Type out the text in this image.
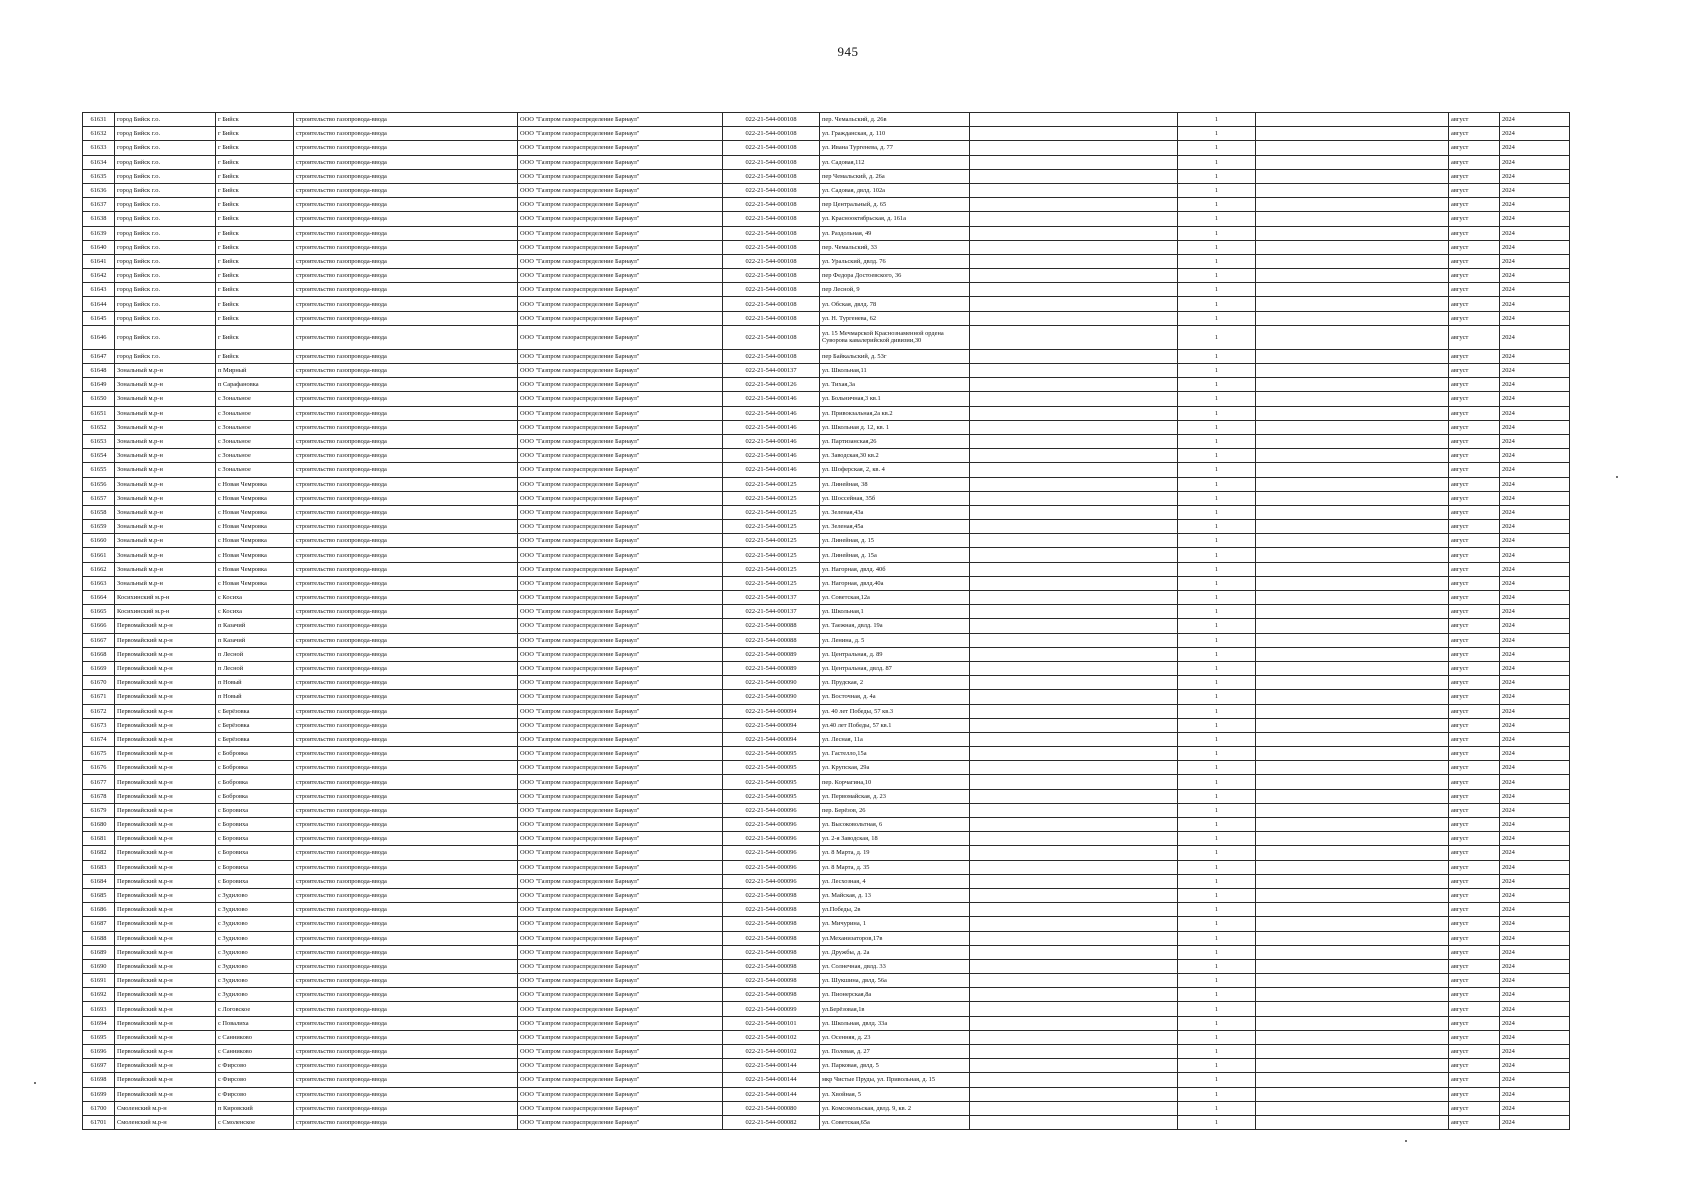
945
61631	город Бийск г.о.	г Бийск	строительство газопровода-ввода	ООО "Газпром газораспределение Барнаул"	022-21-544-000108	пер. Чемальский, д. 26в		1		август	2024
61632	город Бийск г.о.	г Бийск	строительство газопровода-ввода	ООО "Газпром газораспределение Барнаул"	022-21-544-000108	ул. Гражданская, д. 110		1		август	2024
61633	город Бийск г.о.	г Бийск	строительство газопровода-ввода	ООО "Газпром газораспределение Барнаул"	022-21-544-000108	ул. Ивана Тургенева, д. 77		1		август	2024
61634	город Бийск г.о.	г Бийск	строительство газопровода-ввода	ООО "Газпром газораспределение Барнаул"	022-21-544-000108	ул. Садовая,112		1		август	2024
61635	город Бийск г.о.	г Бийск	строительство газопровода-ввода	ООО "Газпром газораспределение Барнаул"	022-21-544-000108	пер Чемальский, д. 26а		1		август	2024
61636	город Бийск г.о.	г Бийск	строительство газопровода-ввода	ООО "Газпром газораспределение Барнаул"	022-21-544-000108	ул. Садовая, двлд. 102а		1		август	2024
61637	город Бийск г.о.	г Бийск	строительство газопровода-ввода	ООО "Газпром газораспределение Барнаул"	022-21-544-000108	пер Центральный, д. 65		1		август	2024
61638	город Бийск г.о.	г Бийск	строительство газопровода-ввода	ООО "Газпром газораспределение Барнаул"	022-21-544-000108	ул. Краснооктябрьская, д. 161а		1		август	2024
61639	город Бийск г.о.	г Бийск	строительство газопровода-ввода	ООО "Газпром газораспределение Барнаул"	022-21-544-000108	ул. Раздольная, 49		1		август	2024
61640	город Бийск г.о.	г Бийск	строительство газопровода-ввода	ООО "Газпром газораспределение Барнаул"	022-21-544-000108	пер. Чемальский, 33		1		август	2024
61641	город Бийск г.о.	г Бийск	строительство газопровода-ввода	ООО "Газпром газораспределение Барнаул"	022-21-544-000108	ул. Уральский, двлд. 76		1		август	2024
61642	город Бийск г.о.	г Бийск	строительство газопровода-ввода	ООО "Газпром газораспределение Барнаул"	022-21-544-000108	пер Федора Достоевского, 36		1		август	2024
61643	город Бийск г.о.	г Бийск	строительство газопровода-ввода	ООО "Газпром газораспределение Барнаул"	022-21-544-000108	пер Лесной, 9		1		август	2024
61644	город Бийск г.о.	г Бийск	строительство газопровода-ввода	ООО "Газпром газораспределение Барнаул"	022-21-544-000108	ул. Обская, двлд. 78		1		август	2024
61645	город Бийск г.о.	г Бийск	строительство газопровода-ввода	ООО "Газпром газораспределение Барнаул"	022-21-544-000108	ул. Н. Тургенева, 62		1		август	2024
61646	город Бийск г.о.	г Бийск	строительство газопровода-ввода	ООО "Газпром газораспределение Барнаул"	022-21-544-000108	ул. 15 Мечмарской Краснознаменной ордена Суворова кавалерийской дивизии,30		1		август	2024
61647	город Бийск г.о.	г Бийск	строительство газопровода-ввода	ООО "Газпром газораспределение Барнаул"	022-21-544-000108	пер Байкальский, д. 53г		1		август	2024
61648	Зональный м.р-н	п Мирный	строительство газопровода-ввода	ООО "Газпром газораспределение Барнаул"	022-21-544-000137	ул. Школьная,11		1		август	2024
61649	Зональный м.р-н	п Сарафановка	строительство газопровода-ввода	ООО "Газпром газораспределение Барнаул"	022-21-544-000126	ул. Тихая,3а		1		август	2024
61650	Зональный м.р-н	с Зональное	строительство газопровода-ввода	ООО "Газпром газораспределение Барнаул"	022-21-544-000146	ул. Больничная,3 кв.1		1		август	2024
61651	Зональный м.р-н	с Зональное	строительство газопровода-ввода	ООО "Газпром газораспределение Барнаул"	022-21-544-000146	ул. Привокзальная,2а кв.2		1		август	2024
61652	Зональный м.р-н	с Зональное	строительство газопровода-ввода	ООО "Газпром газораспределение Барнаул"	022-21-544-000146	ул. Школьная д. 12, кв. 1		1		август	2024
61653	Зональный м.р-н	с Зональное	строительство газопровода-ввода	ООО "Газпром газораспределение Барнаул"	022-21-544-000146	ул. Партизанская,26		1		август	2024
61654	Зональный м.р-н	с Зональное	строительство газопровода-ввода	ООО "Газпром газораспределение Барнаул"	022-21-544-000146	ул. Заводская,30 кв.2		1		август	2024
61655	Зональный м.р-н	с Зональное	строительство газопровода-ввода	ООО "Газпром газораспределение Барнаул"	022-21-544-000146	ул. Шоферская, 2, кв. 4		1		август	2024
61656	Зональный м.р-н	с Новая Чемровка	строительство газопровода-ввода	ООО "Газпром газораспределение Барнаул"	022-21-544-000125	ул. Линейная, 38		1		август	2024
61657	Зональный м.р-н	с Новая Чемровка	строительство газопровода-ввода	ООО "Газпром газораспределение Барнаул"	022-21-544-000125	ул. Шоссейная, 35б		1		август	2024
61658	Зональный м.р-н	с Новая Чемровка	строительство газопровода-ввода	ООО "Газпром газораспределение Барнаул"	022-21-544-000125	ул. Зеленая,43а		1		август	2024
61659	Зональный м.р-н	с Новая Чемровка	строительство газопровода-ввода	ООО "Газпром газораспределение Барнаул"	022-21-544-000125	ул. Зеленая,45а		1		август	2024
61660	Зональный м.р-н	с Новая Чемровка	строительство газопровода-ввода	ООО "Газпром газораспределение Барнаул"	022-21-544-000125	ул. Линейная, д. 15		1		август	2024
61661	Зональный м.р-н	с Новая Чемровка	строительство газопровода-ввода	ООО "Газпром газораспределение Барнаул"	022-21-544-000125	ул. Линейная, д. 15а		1		август	2024
61662	Зональный м.р-н	с Новая Чемровка	строительство газопровода-ввода	ООО "Газпром газораспределение Барнаул"	022-21-544-000125	ул. Нагорная, двлд. 40б		1		август	2024
61663	Зональный м.р-н	с Новая Чемровка	строительство газопровода-ввода	ООО "Газпром газораспределение Барнаул"	022-21-544-000125	ул. Нагорная, двлд.40а		1		август	2024
61664	Косихинский м.р-н	с Косиха	строительство газопровода-ввода	ООО "Газпром газораспределение Барнаул"	022-21-544-000137	ул. Советская,12а		1		август	2024
61665	Косихинский м.р-н	с Косиха	строительство газопровода-ввода	ООО "Газпром газораспределение Барнаул"	022-21-544-000137	ул. Школьная,1		1		август	2024
61666	Первомайский м.р-н	п Казачий	строительство газопровода-ввода	ООО "Газпром газораспределение Барнаул"	022-21-544-000088	ул. Таежная, двлд. 19а		1		август	2024
61667	Первомайский м.р-н	п Казачий	строительство газопровода-ввода	ООО "Газпром газораспределение Барнаул"	022-21-544-000088	ул. Ленина, д. 5		1		август	2024
61668	Первомайский м.р-н	п Лесной	строительство газопровода-ввода	ООО "Газпром газораспределение Барнаул"	022-21-544-000089	ул. Центральная, д. 89		1		август	2024
61669	Первомайский м.р-н	п Лесной	строительство газопровода-ввода	ООО "Газпром газораспределение Барнаул"	022-21-544-000089	ул. Центральная, двлд. 87		1		август	2024
61670	Первомайский м.р-н	п Новый	строительство газопровода-ввода	ООО "Газпром газораспределение Барнаул"	022-21-544-000090	ул. Прудская, 2		1		август	2024
61671	Первомайский м.р-н	п Новый	строительство газопровода-ввода	ООО "Газпром газораспределение Барнаул"	022-21-544-000090	ул. Восточная, д. 4а		1		август	2024
61672	Первомайский м.р-н	с Берёзовка	строительство газопровода-ввода	ООО "Газпром газораспределение Барнаул"	022-21-544-000094	ул. 40 лет Победы, 57 кв.3		1		август	2024
61673	Первомайский м.р-н	с Берёзовка	строительство газопровода-ввода	ООО "Газпром газораспределение Барнаул"	022-21-544-000094	ул.40 лет Победы, 57 кв.1		1		август	2024
61674	Первомайский м.р-н	с Берёзовка	строительство газопровода-ввода	ООО "Газпром газораспределение Барнаул"	022-21-544-000094	ул. Лесная, 11а		1		август	2024
61675	Первомайский м.р-н	с Бобровка	строительство газопровода-ввода	ООО "Газпром газораспределение Барнаул"	022-21-544-000095	ул. Гастелло,15а		1		август	2024
61676	Первомайский м.р-н	с Бобровка	строительство газопровода-ввода	ООО "Газпром газораспределение Барнаул"	022-21-544-000095	ул. Крупская, 29а		1		август	2024
61677	Первомайский м.р-н	с Бобровка	строительство газопровода-ввода	ООО "Газпром газораспределение Барнаул"	022-21-544-000095	пер. Корчагина,10		1		август	2024
61678	Первомайский м.р-н	с Бобровка	строительство газопровода-ввода	ООО "Газпром газораспределение Барнаул"	022-21-544-000095	ул. Первомайская, д. 23		1		август	2024
61679	Первомайский м.р-н	с Боровиха	строительство газопровода-ввода	ООО "Газпром газораспределение Барнаул"	022-21-544-000096	пер. Берёзов, 26		1		август	2024
61680	Первомайский м.р-н	с Боровиха	строительство газопровода-ввода	ООО "Газпром газораспределение Барнаул"	022-21-544-000096	ул. Высоковольтная, 6		1		август	2024
61681	Первомайский м.р-н	с Боровиха	строительство газопровода-ввода	ООО "Газпром газораспределение Барнаул"	022-21-544-000096	ул. 2-я Заводская, 18		1		август	2024
61682	Первомайский м.р-н	с Боровиха	строительство газопровода-ввода	ООО "Газпром газораспределение Барнаул"	022-21-544-000096	ул. 8 Марта, д. 19		1		август	2024
61683	Первомайский м.р-н	с Боровиха	строительство газопровода-ввода	ООО "Газпром газораспределение Барнаул"	022-21-544-000096	ул. 8 Марта, д. 35		1		август	2024
61684	Первомайский м.р-н	с Боровиха	строительство газопровода-ввода	ООО "Газпром газораспределение Барнаул"	022-21-544-000096	ул. Лесхозная, 4		1		август	2024
61685	Первомайский м.р-н	с Зудилово	строительство газопровода-ввода	ООО "Газпром газораспределение Барнаул"	022-21-544-000098	ул. Майская, д. 13		1		август	2024
61686	Первомайский м.р-н	с Зудилово	строительство газопровода-ввода	ООО "Газпром газораспределение Барнаул"	022-21-544-000098	ул.Победы, 2в		1		август	2024
61687	Первомайский м.р-н	с Зудилово	строительство газопровода-ввода	ООО "Газпром газораспределение Барнаул"	022-21-544-000098	ул. Мичурина, 1		1		август	2024
61688	Первомайский м.р-н	с Зудилово	строительство газопровода-ввода	ООО "Газпром газораспределение Барнаул"	022-21-544-000098	ул.Механизаторов,17в		1		август	2024
61689	Первомайский м.р-н	с Зудилово	строительство газопровода-ввода	ООО "Газпром газораспределение Барнаул"	022-21-544-000098	ул. Дружбы, д. 2а		1		август	2024
61690	Первомайский м.р-н	с Зудилово	строительство газопровода-ввода	ООО "Газпром газораспределение Барнаул"	022-21-544-000098	ул. Солнечная, двлд. 33		1		август	2024
61691	Первомайский м.р-н	с Зудилово	строительство газопровода-ввода	ООО "Газпром газораспределение Барнаул"	022-21-544-000098	ул. Шукшина, двлд. 56а		1		август	2024
61692	Первомайский м.р-н	с Зудилово	строительство газопровода-ввода	ООО "Газпром газораспределение Барнаул"	022-21-544-000098	ул. Пионерская,8а		1		август	2024
61693	Первомайский м.р-н	с Логовское	строительство газопровода-ввода	ООО "Газпром газораспределение Барнаул"	022-21-544-000099	ул.Берёзовая,1в		1		август	2024
61694	Первомайский м.р-н	с Повалиха	строительство газопровода-ввода	ООО "Газпром газораспределение Барнаул"	022-21-544-000101	ул. Школьная, двлд. 33а		1		август	2024
61695	Первомайский м.р-н	с Санниково	строительство газопровода-ввода	ООО "Газпром газораспределение Барнаул"	022-21-544-000102	ул. Осенняя, д. 23		1		август	2024
61696	Первомайский м.р-н	с Санниково	строительство газопровода-ввода	ООО "Газпром газораспределение Барнаул"	022-21-544-000102	ул. Полевая, д. 27		1		август	2024
61697	Первомайский м.р-н	с Фирсово	строительство газопровода-ввода	ООО "Газпром газораспределение Барнаул"	022-21-544-000144	ул. Парковая, двлд. 5		1		август	2024
61698	Первомайский м.р-н	с Фирсово	строительство газопровода-ввода	ООО "Газпром газораспределение Барнаул"	022-21-544-000144	мкр Чистые Пруды, ул. Привольная, д. 15		1		август	2024
61699	Первомайский м.р-н	с Фирсово	строительство газопровода-ввода	ООО "Газпром газораспределение Барнаул"	022-21-544-000144	ул. Хвойная, 5		1		август	2024
61700	Смоленский м.р-н	п Кировский	строительство газопровода-ввода	ООО "Газпром газораспределение Барнаул"	022-21-544-000080	ул. Комсомольская, двлд. 9, кв. 2		1		август	2024
61701	Смоленский м.р-н	с Смоленское	строительство газопровода-ввода	ООО "Газпром газораспределение Барнаул"	022-21-544-000082	ул. Советская,65а		1		август	2024
